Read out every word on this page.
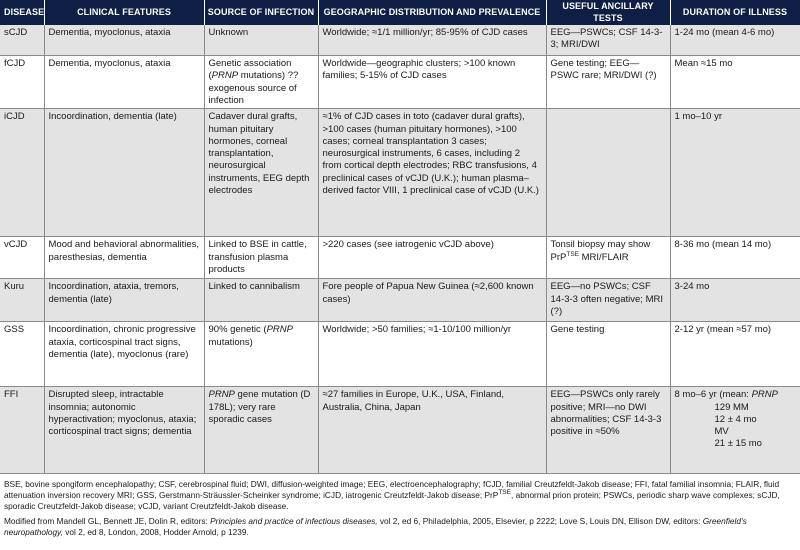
DISEASE	CLINICAL FEATURES	SOURCE OF INFECTION	GEOGRAPHIC DISTRIBUTION AND PREVALENCE	USEFUL ANCILLARY TESTS	DURATION OF ILLNESS
sCJD	Dementia, myoclonus, ataxia	Unknown	Worldwide; ≈1/1 million/yr; 85-95% of CJD cases	EEG—PSWCs; CSF 14-3-3; MRI/DWI	1-24 mo (mean 4-6 mo)
fCJD	Dementia, myoclonus, ataxia	Genetic association (PRNP mutations) ?? exogenous source of infection	Worldwide—geographic clusters; >100 known families; 5-15% of CJD cases	Gene testing; EEG—PSWC rare; MRI/DWI (?)	Mean ≈15 mo
iCJD	Incoordination, dementia (late)	Cadaver dural grafts, human pituitary hormones, corneal transplantation, neurosurgical instruments, EEG depth electrodes	≈1% of CJD cases in toto (cadaver dural grafts), >100 cases (human pituitary hormones), >100 cases; corneal transplantation 3 cases; neurosurgical instruments, 6 cases, including 2 from cortical depth electrodes; RBC transfusions, 4 preclinical cases of vCJD (U.K.); human plasma–derived factor VIII, 1 preclinical case of vCJD (U.K.)		1 mo–10 yr
vCJD	Mood and behavioral abnormalities, paresthesias, dementia	Linked to BSE in cattle, transfusion plasma products	>220 cases (see iatrogenic vCJD above)	Tonsil biopsy may show PrP$^{TSE}$ MRI/FLAIR	8-36 mo (mean 14 mo)
Kuru	Incoordination, ataxia, tremors, dementia (late)	Linked to cannibalism	Fore people of Papua New Guinea (≈2,600 known cases)	EEG—no PSWCs; CSF 14-3-3 often negative; MRI (?)	3-24 mo
GSS	Incoordination, chronic progressive ataxia, corticospinal tract signs, dementia (late), myoclonus (rare)	90% genetic (PRNP mutations)	Worldwide; >50 families; ≈1-10/100 million/yr	Gene testing	2-12 yr (mean ≈57 mo)
FFI	Disrupted sleep, intractable insomnia; autonomic hyperactivation; myoclonus, ataxia; corticospinal tract signs; dementia	PRNP gene mutation (D 178L); very rare sporadic cases	≈27 families in Europe, U.K., USA, Finland, Australia, China, Japan	EEG—PSWCs only rarely positive; MRI—no DWI abnormalities; CSF 14-3-3 positive in ≈50%	8 mo–6 yr (mean: PRNP
129 MM
12 ± 4 mo
MV
21 ± 15 mo

BSE, bovine spongiform encephalopathy; CSF, cerebrospinal fluid; DWI, diffusion-weighted image; EEG, electroencephalography; fCJD, familial Creutzfeldt-Jakob disease; FFI, fatal familial insomnia; FLAIR, fluid attenuation inversion recovery MRI; GSS, Gerstmann-Sträussler-Scheinker syndrome; iCJD, iatrogenic Creutzfeldt-Jakob disease; PrP$^{TSE}$, abnormal prion protein; PSWCs, periodic sharp wave complexes; sCJD, sporadic Creutzfeldt-Jakob disease; vCJD, variant Creutzfeldt-Jakob disease.

Modified from Mandell GL, Bennett JE, Dolin R, editors: Principles and practice of infectious diseases, vol 2, ed 6, Philadelphia, 2005, Elsevier, p 2222; Love S, Louis DN, Ellison DW, editors: Greenfield's neuropathology, vol 2, ed 8, London, 2008, Hodder Arnold, p 1239.
